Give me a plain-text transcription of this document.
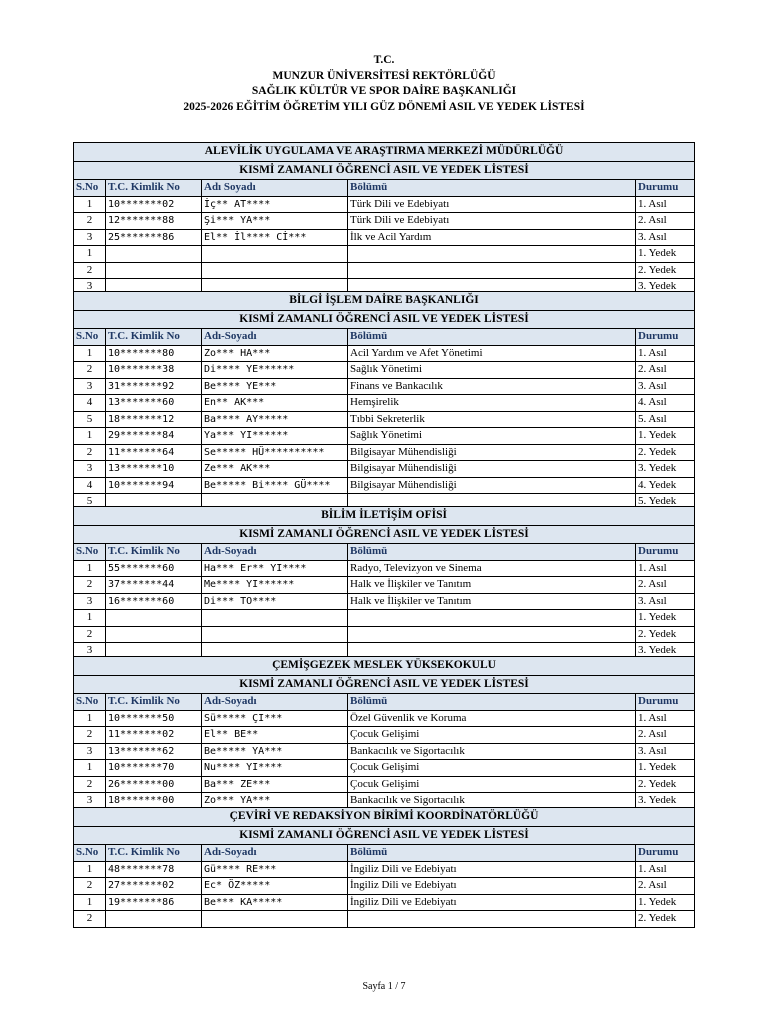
T.C.
MUNZUR ÜNİVERSİTESİ REKTÖRLÜĞÜ
SAĞLIK KÜLTÜR VE SPOR DAİRE BAŞKANLIĞI
2025-2026 EĞİTİM ÖĞRETİM YILI GÜZ DÖNEMİ ASIL VE YEDEK LİSTESİ
ALEVİLİK UYGULAMA VE ARAŞTIRMA MERKEZİ MÜDÜRLÜĞÜ				
KISMİ ZAMANLI ÖĞRENCİ ASIL VE YEDEK LİSTESİ				
S.No	T.C. Kimlik No	Adı Soyadı	Bölümü	Durumu
1	10*******02	İç** AT****	Türk Dili ve Edebiyatı	1. Asıl
2	12*******88	Şi*** YA***	Türk Dili ve Edebiyatı	2. Asıl
3	25*******86	El** İl**** Cİ***	İlk ve Acil Yardım	3. Asıl
1				1. Yedek
2				2. Yedek
3				3. Yedek
BİLGİ İŞLEM DAİRE BAŞKANLIĞI				
KISMİ ZAMANLI ÖĞRENCİ ASIL VE YEDEK LİSTESİ				
S.No	T.C. Kimlik No	Adı-Soyadı	Bölümü	Durumu
1	10*******80	Zo*** HA***	Acil Yardım ve Afet Yönetimi	1. Asıl
2	10*******38	Di**** YE******	Sağlık Yönetimi	2. Asıl
3	31*******92	Be**** YE***	Finans ve Bankacılık	3. Asıl
4	13*******60	En** AK***	Hemşirelik	4. Asıl
5	18*******12	Ba**** AY*****	Tıbbi Sekreterlik	5. Asıl
1	29*******84	Ya*** YI******	Sağlık Yönetimi	1. Yedek
2	11*******64	Se***** HÜ**********	Bilgisayar Mühendisliği	2. Yedek
3	13*******10	Ze*** AK***	Bilgisayar Mühendisliği	3. Yedek
4	10*******94	Be***** Bi**** GÜ****	Bilgisayar Mühendisliği	4. Yedek
5				5. Yedek
BİLİM İLETİŞİM OFİSİ				
KISMİ ZAMANLI ÖĞRENCİ ASIL VE YEDEK LİSTESİ				
S.No	T.C. Kimlik No	Adı-Soyadı	Bölümü	Durumu
1	55*******60	Ha*** Er** YI****	Radyo, Televizyon ve Sinema	1. Asıl
2	37*******44	Me**** YI******	Halk ve İlişkiler ve Tanıtım	2. Asıl
3	16*******60	Di*** TO****	Halk ve İlişkiler ve Tanıtım	3. Asıl
1				1. Yedek
2				2. Yedek
3				3. Yedek
ÇEMİŞGEZEK MESLEK YÜKSEKOKULU				
KISMİ ZAMANLI ÖĞRENCİ ASIL VE YEDEK LİSTESİ				
S.No	T.C. Kimlik No	Adı-Soyadı	Bölümü	Durumu
1	10*******50	Sü***** ÇI***	Özel Güvenlik ve Koruma	1. Asıl
2	11*******02	El** BE**	Çocuk Gelişimi	2. Asıl
3	13*******62	Be***** YA***	Bankacılık ve Sigortacılık	3. Asıl
1	10*******70	Nu**** YI****	Çocuk Gelişimi	1. Yedek
2	26*******00	Ba*** ZE***	Çocuk Gelişimi	2. Yedek
3	18*******00	Zo*** YA***	Bankacılık ve Sigortacılık	3. Yedek
ÇEVİRİ VE REDAKSİYON BİRİMİ KOORDİNATÖRLÜĞÜ				
KISMİ ZAMANLI ÖĞRENCİ ASIL VE YEDEK LİSTESİ				
S.No	T.C. Kimlik No	Adı-Soyadı	Bölümü	Durumu
1	48*******78	Gü**** RE***	İngiliz Dili ve Edebiyatı	1. Asıl
2	27*******02	Ec* ÖZ*****	İngiliz Dili ve Edebiyatı	2. Asıl
1	19*******86	Be*** KA*****	İngiliz Dili ve Edebiyatı	1. Yedek
2				2. Yedek
Sayfa 1 / 7
